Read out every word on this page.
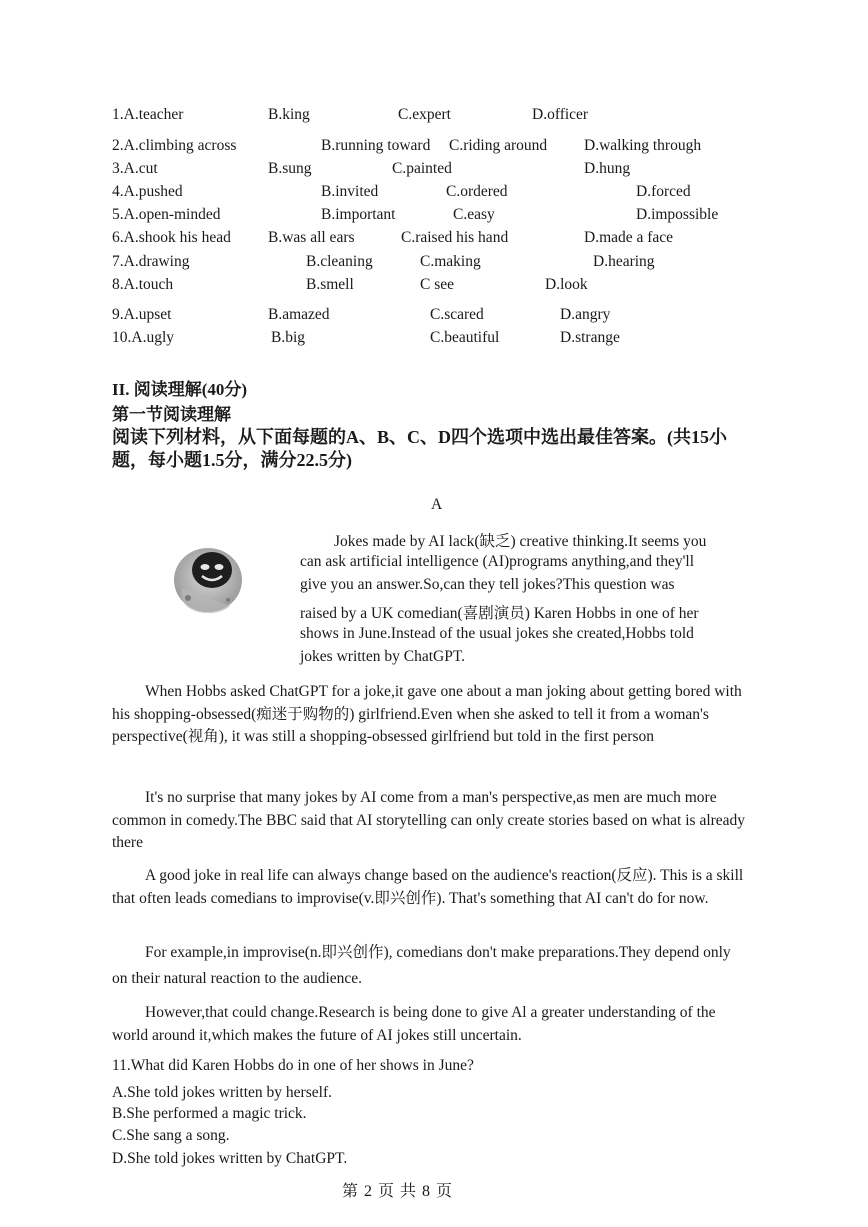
1.A.teacher	B.king	C.expert	D.officer
2.A.climbing across	B.running toward C.riding around D.walking through
3.A.cut	B.sung	C.painted	D.hung
4.A.pushed	B.invited	C.ordered	D.forced
5.A.open-minded	B.important	C.easy	D.impossible
6.A.shook his head B.was all ears	C.raised his hand	D.made a face
7.A.drawing	B.cleaning	C.making	D.hearing
8.A.touch	B.smell	C see	D.look
9.A.upset	B.amazed	C.scared	D.angry
10.A.ugly	B.big	C.beautiful	D.strange
II. 阅读理解(40分)
第一节阅读理解
阅读下列材料，从下面每题的A、B、C、D四个选项中选出最佳答案。(共15小
题，每小题1.5分，满分22.5分)
A
Jokes made by AI lack(缺乏) creative thinking.It seems you
can ask artificial intelligence (AI)programs anything,and they'll
give you an answer.So,can they tell jokes?This question was
raised by a UK comedian(喜剧演员) Karen Hobbs in one of her
shows in June.Instead of the usual jokes she created,Hobbs told
jokes written by ChatGPT.

When Hobbs asked ChatGPT for a joke,it gave one about a man joking about getting bored with his shopping-obsessed(痴迷于购物的) girlfriend.Even when she asked to tell it from a woman's perspective(视角), it was still a shopping-obsessed girlfriend but told in the first person

It's no surprise that many jokes by AI come from a man's perspective,as men are much more common in comedy.The BBC said that AI storytelling can only create stories based on what is already there

A good joke in real life can always change based on the audience's reaction(反应). This is a skill that often leads comedians to improvise(v.即兴创作). That's something that AI can't do for now.

For example,in improvise(n.即兴创作), comedians don't make preparations.They depend only on their natural reaction to the audience.

However,that could change.Research is being done to give Al a greater understanding of the world around it,which makes the future of AI jokes still uncertain.

11.What did Karen Hobbs do in one of her shows in June?
A.She told jokes written by herself.
B.She performed a magic trick.
C.She sang a song.
D.She told jokes written by ChatGPT.
第 2 页 共 8 页
